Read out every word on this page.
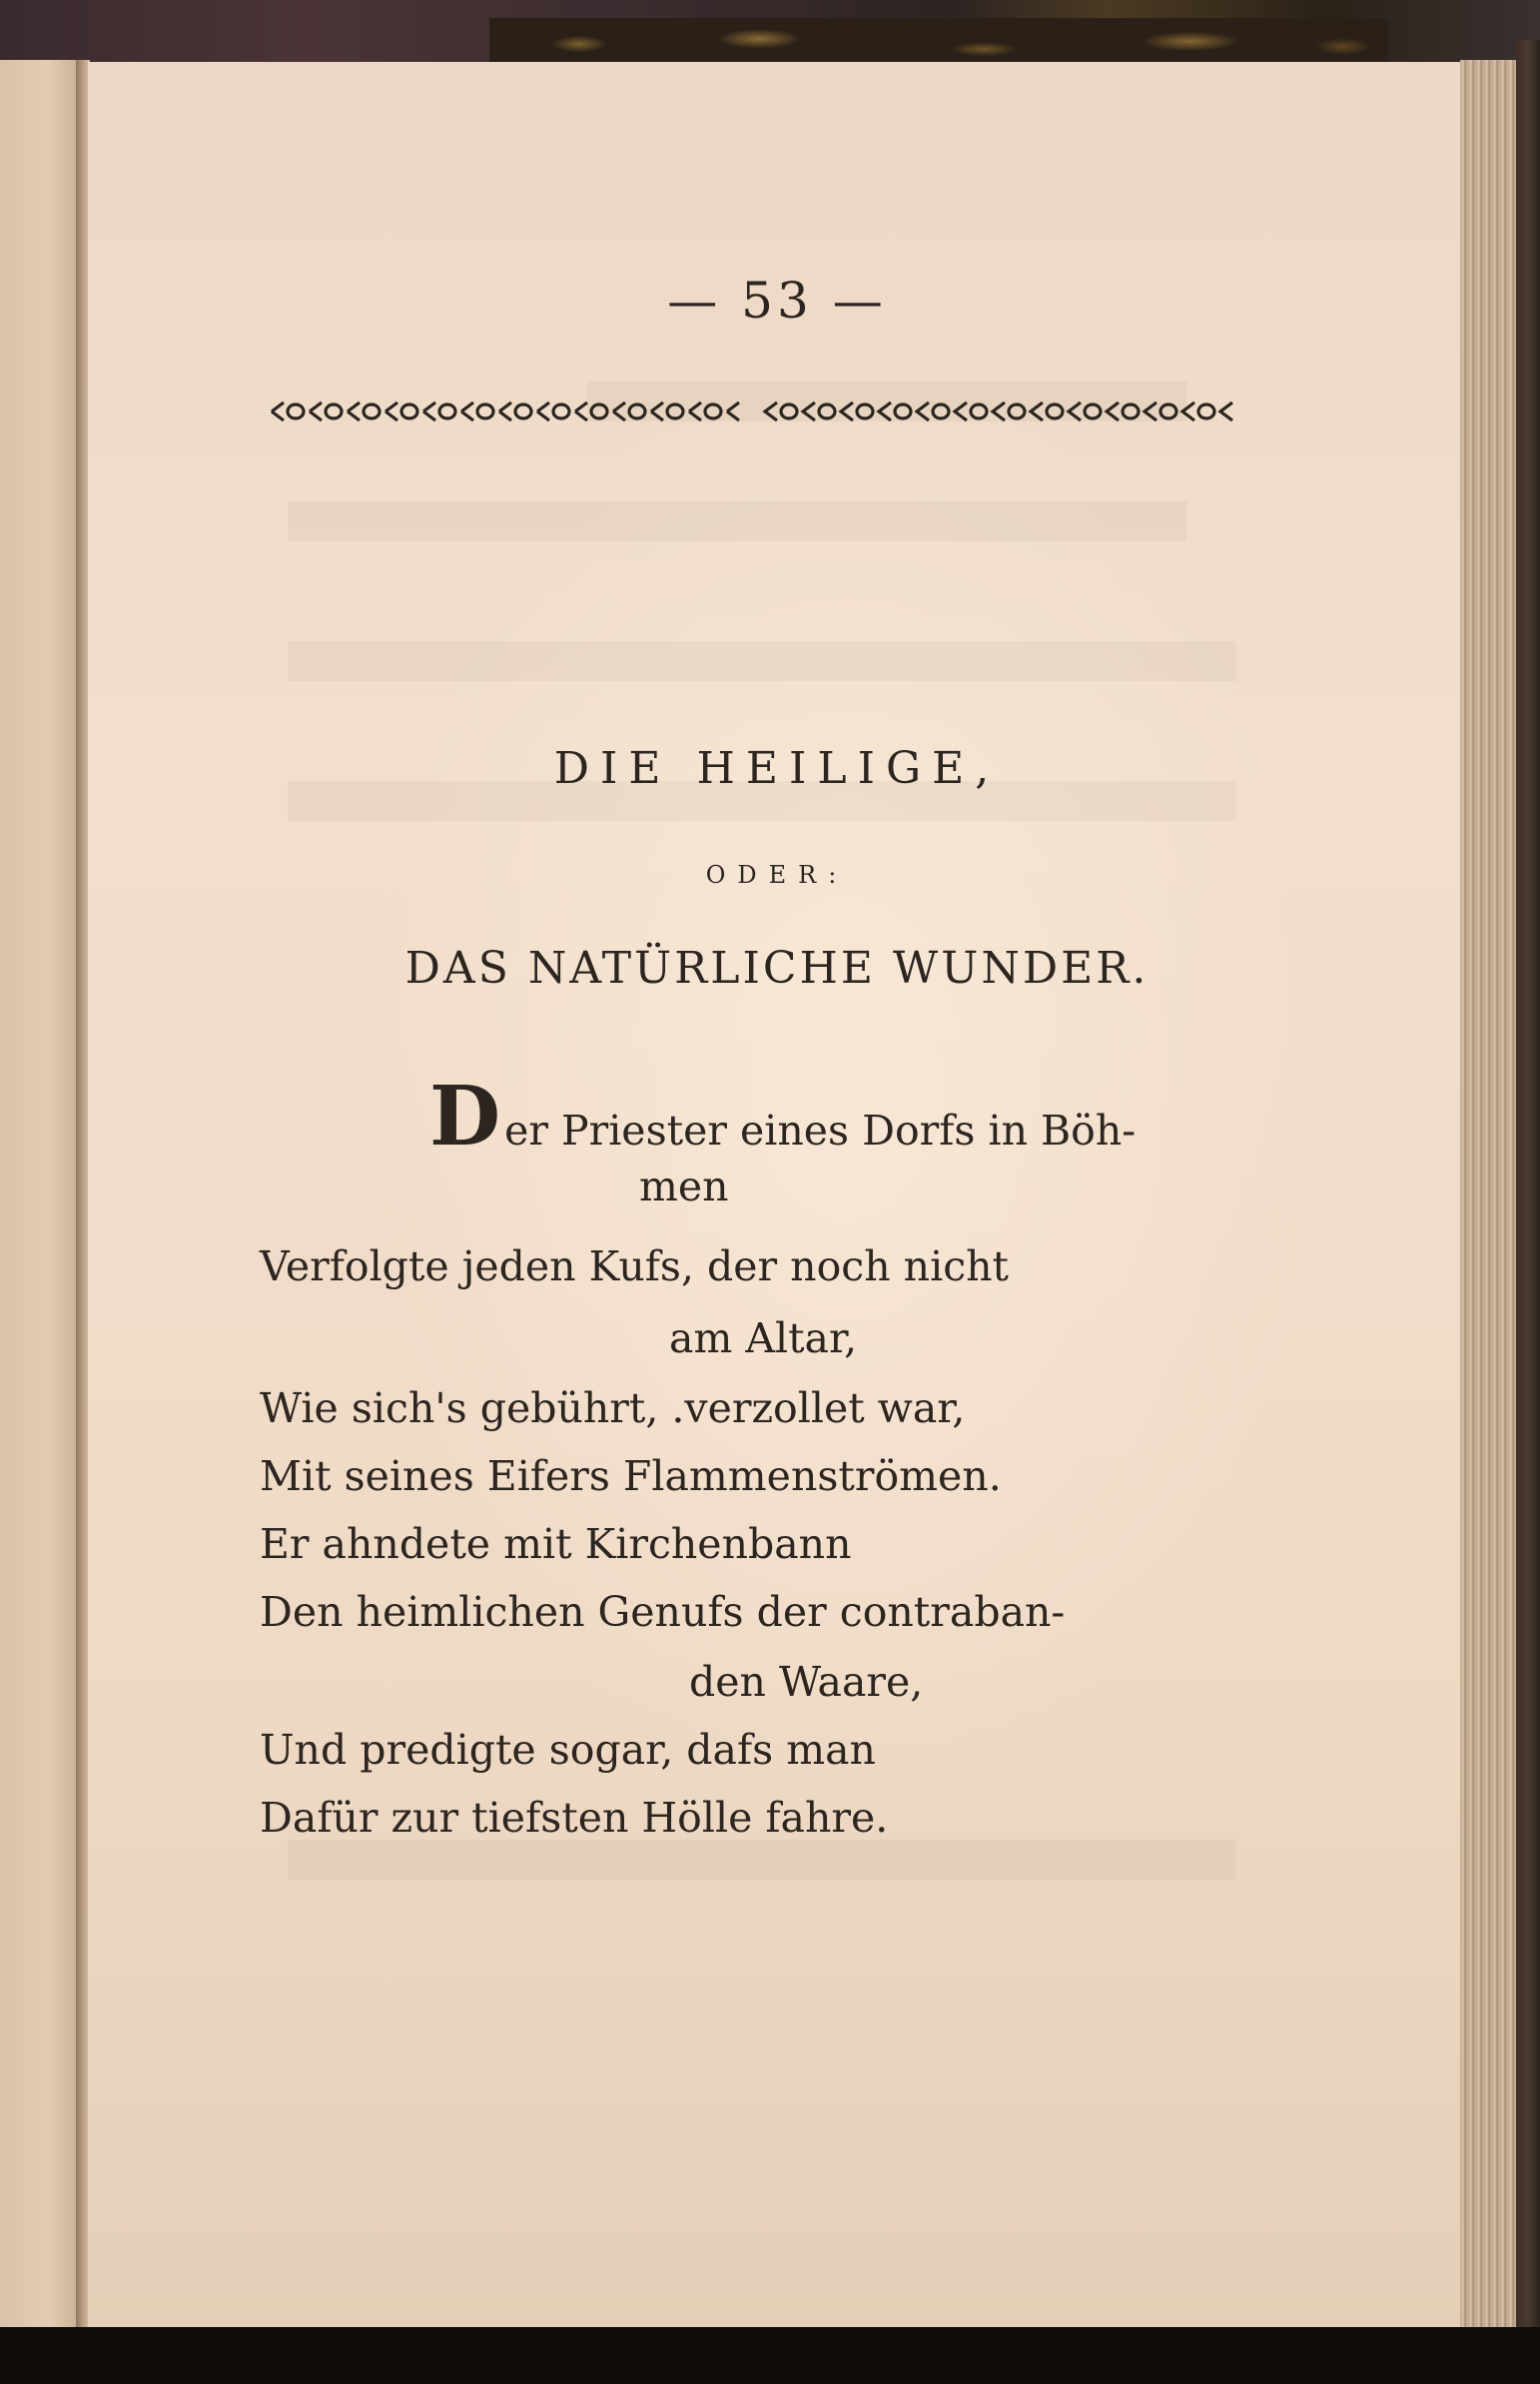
— 53 —
DIE HEILIGE,
ODER:
DAS NATÜRLICHE WUNDER.
Der Priester eines Dorfs in Böh-
men
Verfolgte jeden Kufs, der noch nicht
am Altar,
Wie sich's gebührt, .verzollet war,
Mit seines Eifers Flammenströmen.
Er ahndete mit Kirchenbann
Den heimlichen Genufs der contraban-
den Waare,
Und predigte sogar, dafs man
Dafür zur tiefsten Hölle fahre.
